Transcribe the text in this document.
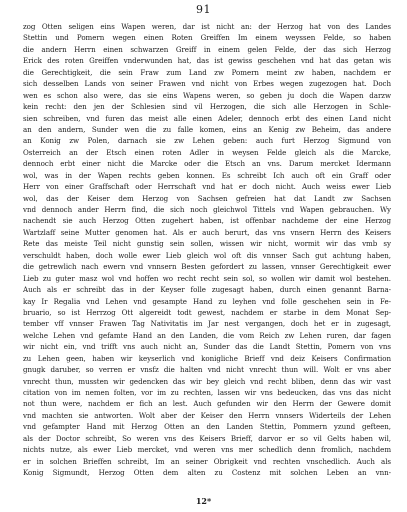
91
zog Otten seligen eins Wapen weren, dar ist nicht an: der Herzog hat von des Landes
Stettin und Pomern wegen einen Roten Greiffen Im einem weyssen Felde, so haben
die andern Herrn einen schwarzen Greiff in einem gelen Felde, der das sich Herzog
Erick des roten Greiffen vnderwunden hat, das ist gewiss geschehen vnd hat das getan wis
die Gerechtigkeit, die sein Fraw zum Land zw Pomern meint zw haben, nachdem er
sich desselben Lands von seiner Frawen vnd nicht von Erbes wegen zugezogen hat. Doch
wen es schon also were, das sie eins Wapens weren, so geben ju doch die Wapen darzw
kein recht: den jen der Schlesien sind vil Herzogen, die sich alle Herzogen in Schle-
sien schreiben, vnd furen das meist alle einen Adeler, dennoch erbt des einen Land nicht
an den andern, Sunder wen die zu falle komen, eins an Kenig zw Beheim, das andere
an Konig zw Polen, darnach sie zw Lehen geben: auch furt Herzog Sigmund von
Osterreich an der Etsch einen roten Adler in weysen Felde gleich als die Marcke,
dennoch erbt einer nicht die Marcke oder die Etsch an vns. Darum mercket Idermann
wol, was in der Wapen rechts geben konnen. Es schreibt Ich auch oft ein Graff oder
Herr von einer Graffschaft oder Herrschaft vnd hat er doch nicht. Auch weiss ewer Lieb
wol, das der Keiser dem Herzog von Sachsen gefreien hat dat Landt zw Sachsen
vnd dennoch ander Herrn find, die sich noch gleichwol Tittels vnd Wapen gebrauchen. Wy
nachendt sie auch Herzog Otten zugehert haben, ist offenbar nachdeme der eine Herzog
Wartzlaff seine Mutter genomen hat. Als er auch berurt, das vns vnsern Herrn des Keisers
Rete das meiste Teil nicht gunstig sein sollen, wissen wir nicht, wormit wir das vmb sy
verschuldt haben, doch wolle ewer Lieb gleich wol oft dis vnnser Sach gut achtung haben,
die getrewlich nach ewern vnd vnnsern Besten gefordert zu lassen, vnnser Gerechtigkeit ewer
Lieb zu guter masz wol vnd hoffen wo recht recht sein sol, so wollen wir damit wol bestehen.
Auch als er schreibt das in der Keyser folle zugesagt haben, durch einen genannt Barna-
kay Ir Regalia vnd Lehen vnd gesampte Hand zu leyhen vnd folle geschehen sein in Fe-
bruario, so ist Herrzog Ott algereidt todt gewest, nachdem er starbe in dem Monat Sep-
tember vff vnnser Frawen Tag Nativitatis im Jar nest vergangen, doch het er in zugesagt,
welche Lehen vnd gefamte Hand an den Landen, die vom Reich zw Lehen ruren, dar fagen
wir nicht ein, vnd trifft vns auch nicht an, Sunder das die Landt Stettin, Pomern von vns
zu Lehen geen, haben wir keyserlich vnd konigliche Brieff vnd deiz Keisers Confirmation
gnugk daruber, so verren er vnsfz die halten vnd nicht vnrecht thun will. Wolt er vns aber
vnrecht thun, mussten wir gedencken das wir bey gleich vnd recht bliben, denn das wir vast
citation von im nemen folten, vor im zu rechten, lassen wir vns bedeucken, das vns das nicht
not thun were, nachdem er fich an lest. Auch gefunden wir den Herrn der Gewere domit
vnd machten sie antworten. Wolt aber der Keiser den Herrn vnnsers Widerteils der Lehen
vnd gefampter Hand mit Herzog Otten an den Landen Stettin, Pommern yzund gefteen,
als der Doctor schreibt, So weren vns des Keisers Brieff, darvor er so vil Gelts haben wil,
nichts nutze, als ewer Lieb mercket, vnd weren vns mer schedlich denn fromlich, nachdem
er in solchen Brieffen schreibt, Im an seiner Obrigkeit vnd rechten vnschedlich. Auch als
Konig Sigmundt, Herzog Otten dem alten zu Costenz mit solchen Leben an vnn-
12*
